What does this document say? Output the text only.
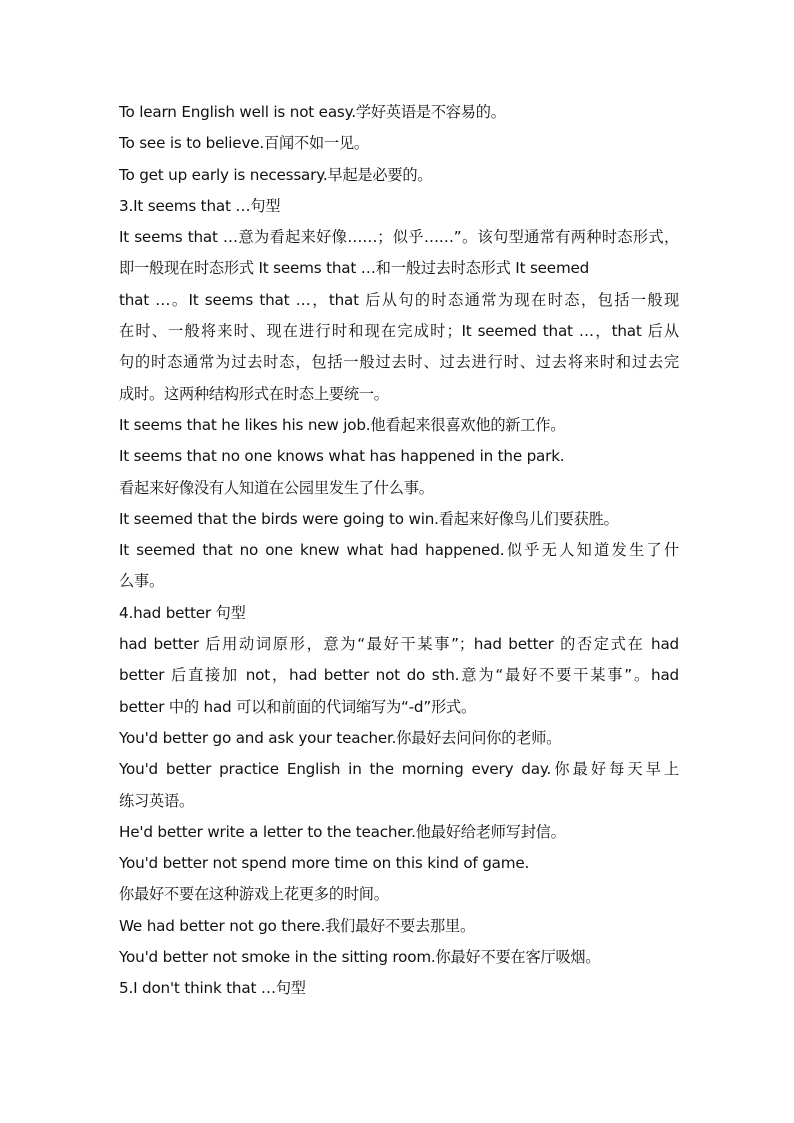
To learn English well is not easy.学好英语是不容易的。
To see is to believe.百闻不如一见。
To get up early is necessary.早起是必要的。
3.It seems that …句型
It seems that …意为看起来好像……；似乎……”。该句型通常有两种时态形式，
即一般现在时态形式 It seems that …和一般过去时态形式 It seemed
that …。It seems that …，that 后从句的时态通常为现在时态，包括一般现
在时、一般将来时、现在进行时和现在完成时；It seemed that …，that 后从
句的时态通常为过去时态，包括一般过去时、过去进行时、过去将来时和过去完
成时。这两种结构形式在时态上要统一。
It seems that he likes his new job.他看起来很喜欢他的新工作。
It seems that no one knows what has happened in the park.
看起来好像没有人知道在公园里发生了什么事。
It seemed that the birds were going to win.看起来好像鸟儿们要获胜。
It seemed that no one knew what had happened.似乎无人知道发生了什
么事。
4.had better 句型
had better 后用动词原形，意为“最好干某事”；had better 的否定式在 had
better 后直接加 not，had better not do sth.意为“最好不要干某事”。had
better 中的 had 可以和前面的代词缩写为“-d”形式。
You'd better go and ask your teacher.你最好去问问你的老师。
You'd better practice English in the morning every day.你最好每天早上
练习英语。
He'd better write a letter to the teacher.他最好给老师写封信。
You'd better not spend more time on this kind of game.
你最好不要在这种游戏上花更多的时间。
We had better not go there.我们最好不要去那里。
You'd better not smoke in the sitting room.你最好不要在客厅吸烟。
5.I don't think that …句型
